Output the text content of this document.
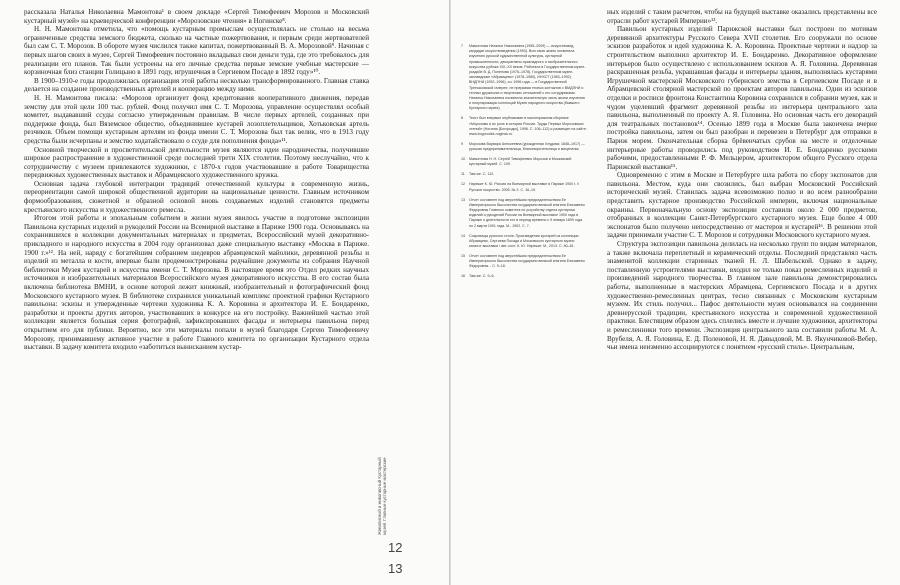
рассказала Наталья Николаевна Мамонтова¹ в своем докладе «Сергей Тимофеевич Морозов и Московский кустарный музей» на краеведческой конференции «Морозовские чтения» в Ногинске⁸.

Н. Н. Мамонтова отметила, что «помощь кустарным промыслам осуществлялась не столько на весьма ограниченные средства земского бюджета, сколько на частные пожертвования, и первым среди жертвователей был сам С. Т. Морозов. В оборотe музея числился также капитал, пожертвованный В. А. Морозовой⁹. Начиная с первых шагов своих в музее, Сергей Тимофеевич постоянно вкладывал свои деньги туда, где это требовалось для реализации его планов. Так были устроены на его личные средства первые земские учебные мастерские — корзиночная близ станции Голицыно в 1891 году, игрушечная в Сергиевом Посаде в 1892 году»¹⁰.

В 1900–1910-е годы продолжилась организация этой работы несколько трансформированного. Главная ставка делается на создание производственных артелей и кооперацию между ними.

Н. Н. Мамонтова писала: «Морозов организует фонд кредитования кооперативного движения, передав земству для этой цели 100 тыс. рублей. Фонд получил имя С. Т. Морозова, управление осуществлял особый комитет, выдававший ссуды согласно утвержденным правилам. В числе первых артелей, созданных при поддержке фонда, был Вяземское общество, объединившее кустарей лозоплетельщиков, Хотьковская артель резчиков. Объем помощи кустарным артелям из фонда имени С. Т. Морозова был так велик, что в 1913 году средства были исчерпаны и земство ходатайствовало о ссуде для пополнения фонда»¹¹.

Основной творческой и просветительской деятельности музея являются идеи народничества, получившие широкое распространение в художественной среде последней трети XIX столетия. Поэтому неслучайно, что к сотрудничеству с музеем привлекаются художники, с 1870-х годов участвовавшие в работе Товарищества передвижных художественных выставок и Абрамцевского художественного кружка.

Основная задача глубокой интеграции традиций отечественной культуры в современную жизнь, переориентации самой широкой общественной аудитории на национальные ценности. Главным источником формообразования, сюжетной и образной основой вновь создаваемых изделий становятся предметы крестьянского искусства и художественного ремесла.

Итогом этой работы и эпохальным событием в жизни музея явилось участие в подготовке экспозиции Павильона кустарных изделий и рукоделий России на Всемирной выставке в Париже 1900 года. Основываясь на сохранившихся в коллекции документальных материалах и предметах, Всероссийский музей декоративно-прикладного и народного искусства в 2004 году организовал даже специальную выставку «Москва в Париже. 1900 г.»¹². На ней, наряду с богатейшим собранием шедевров абрамцевской майолики, деревянной резьбы и изделий из металла и кости, впервые были продемонстрированы редчайшие документы из собрания Научной библиотеки Музея кустарей и искусства имени С. Т. Морозова. В настоящее время это Отдел редких научных источников и изобразительных материалов Всероссийского музея декоративного искусства. В его состав была включена библиотека ВМНИ, в основе которой лежит книжный, изобразительный и фотографический фонд Московского кустарного музея. В библиотеке сохранился уникальный комплекс проектной графики Кустарного павильона: эскизы и утвержденные чертежи художника К. А. Коровина и архитектора И. Е. Бондаренко, разработки и проекты других авторов, участвовавших в конкурсе на его постройку. Важнейшей частью этой коллекции является большая серия фотографий, зафиксировавших фасады и интерьеры павильона перед открытием его для публики. Вероятно, все эти материалы попали в музей благодаря Сергею Тимофеевичу Морозову, принимавшему активное участие в работе Главного комитета по организации Кустарного отдела выставки. В задачу комитета входило «заботиться вынисканием кустар-

Живописный и живописный Кустарный музей. Главные кустарные мастерские
12
13

7 Мамонтова Наталья Николаевна (1955–2009) — искусствовед, кандидат искусствоведения (1993). Всю свою жизнь посвятила изучению русской художественной культуры, кустарной промышленности, декоративно-прикладного и изобразительного искусства рубежа XIX–XX веков. Работала в Государственном музее-усадьбе В. Д. Поленова (1976–1978), Государственном музее-заповеднике «Абрамцево» (1978–1980), ИНХСТ (1983–1992), ВНДПНИ (1992–1996), а с 1996 года — в Государственной Третьяковской галерее, не прерывая тесных контактов с ВМДПНИ и теплых дружеских и творческих отношений с его сотрудниками. Наталья Николаевна посвятила значительную часть жизни изучению и популяризации коллекций Музея народного искусства (бывшего Кустарного музея).

8 Текст был впервые опубликован в малотиражном сборнике «Морозовы и их роль в истории России. Труды Первых Морозовских чтений» (Ногинск [Богородск], 1996. С. 106–112) и размещен на сайте: www.bogorodsk-noginsk.ru.

9 Морозова Варвара Алексеевна (урожденная Хлудова; 1848–1917) — русская предпринимательница, благотворительница и меценатка.

10 Мамонтова Н. Н. Сергей Тимофеевич Морозов и Московский кустарный музей. С. 109.

11 Там же. С. 112.

12 Нарежит К. Ю. Россия на Всемирной выставке в Париже 1900 г. // Русское искусство. 2005. № 2. С. 16–19.

13 Отчет составлен под августейшим председательством Ее Императорского Высочества государыни великой княгини Елизаветы Федоровны Главного комитета по устройству отдела кустарных изделий и рукоделий России на Всемирной выставке 1900 года в Париже о деятельности его в период времени с 9 января 1899 года по 2 марта 1901 года. М., 1902. С. 7.

14 Сокровища русского стиля. Произведения кустарей из коллекции Абрамцево, Сергиева Посада и Московского кустарного музея: каталог выставки / авт.-сост. К. Ю. Нарежит. М., 2013. С. 80–81.

15 Отчет составлен под августейшим председательством Ее Императорского Высочества государыни великой княгини Елизаветы Федоровны... С. 9–18.

16 Там же. С. 9–6.

ных изделий с таким расчетом, чтобы на будущей выставке оказались представлены все отрасли работ кустарей Империи»¹³.

Павильон кустарных изделий Парижской выставки был построен по мотивам деревянной архитектуры Русского Севера XVII столетия. Его сооружали по основе эскизов разработок и идей художника К. А. Коровина. Проектные чертежи и надзор за строительством выполнил архитектор И. Е. Бондаренко. Декоративное оформление интерьеров было осуществлено с использованием эскизов А. Я. Головина. Деревянная раскрашенная резьба, украшавшая фасады и интерьеры здания, выполнялась кустарями Игрушечной мастерской Московского губернского земства в Сергиевском Посаде и в Абрамцевской столярной мастерской по проектам авторов павильона. Одни из эскизов отделки и росписи фронтона Константина Коровина сохранился в собрании музея, как и чудом уцелевший фрагмент деревянной резьбы из интерьера центрального зала павильона, выполненный по проекту А. Я. Головина. Но основная часть его декораций для театральных постановок¹⁴. Осенью 1899 года в Москве была закончена вчерне постройка павильона, затем он был разобран и перевезен в Петербург для отправки в Париж морем. Окончательная сборка брёвенчатых срубов на месте и отделочные интерьерные работы проводились под руководством И. Е. Бондаренко русскими рабочими, предоставленными Р. Ф. Мельцером, архитектором общего Русского отдела Парижской выставки¹⁵.

Одновременно с этим в Москве и Петербурге шла работа по сбору экспонатов для павильона. Местом, куда они свозились, был выбран Московский Российский исторический музей. Ставилась задача всевозможно полно и во всем разнообразии представить кустарное производство Российской империи, включая национальные окраины. Первоначальную основу экспозиции составили около 2 000 предметов, отобранных в коллекции Санкт-Петербургского кустарного музея. Еще более 4 000 экспонатов было получено непосредственно от мастеров и кустарей¹⁶. В решении этой задачи принимали участие С. Т. Морозов и сотрудники Московского кустарного музея.

Структура экспозиции павильона делилась на несколько групп по видам материалов, а также включала переплетный и керамический отделы. Последний представлял часть знаменитой коллекции старинных тканей Н. Л. Шабельской. Однако в задачу, поставленную устроителями выставки, входил не только показ ремесленных изделий и произведений народного творчества. В главном зале павильона демонстрировались работы, выполненные в мастерских Абрамцева, Сергиевского Посада и в других художественно-ремесленных центрах, тесно связанных с Московским кустарным музеем. Их стиль получил... Пафос деятельности музея основывался на соединении древнерусской традиции, крестьянского искусства и современной художественной практики. Блестящим образом здесь сплелись вместе и лучшие художники, архитекторы и ремесленники того времени. Экспозиция центрального зала составили работы М. А. Врубеля, А. Я. Головина, Е. Д. Поленовой, Н. Я. Давыдовой, М. В. Якунчиковой-Вебер, чьи имена неизменно ассоциируются с понятием «русский стиль». Центральным,
